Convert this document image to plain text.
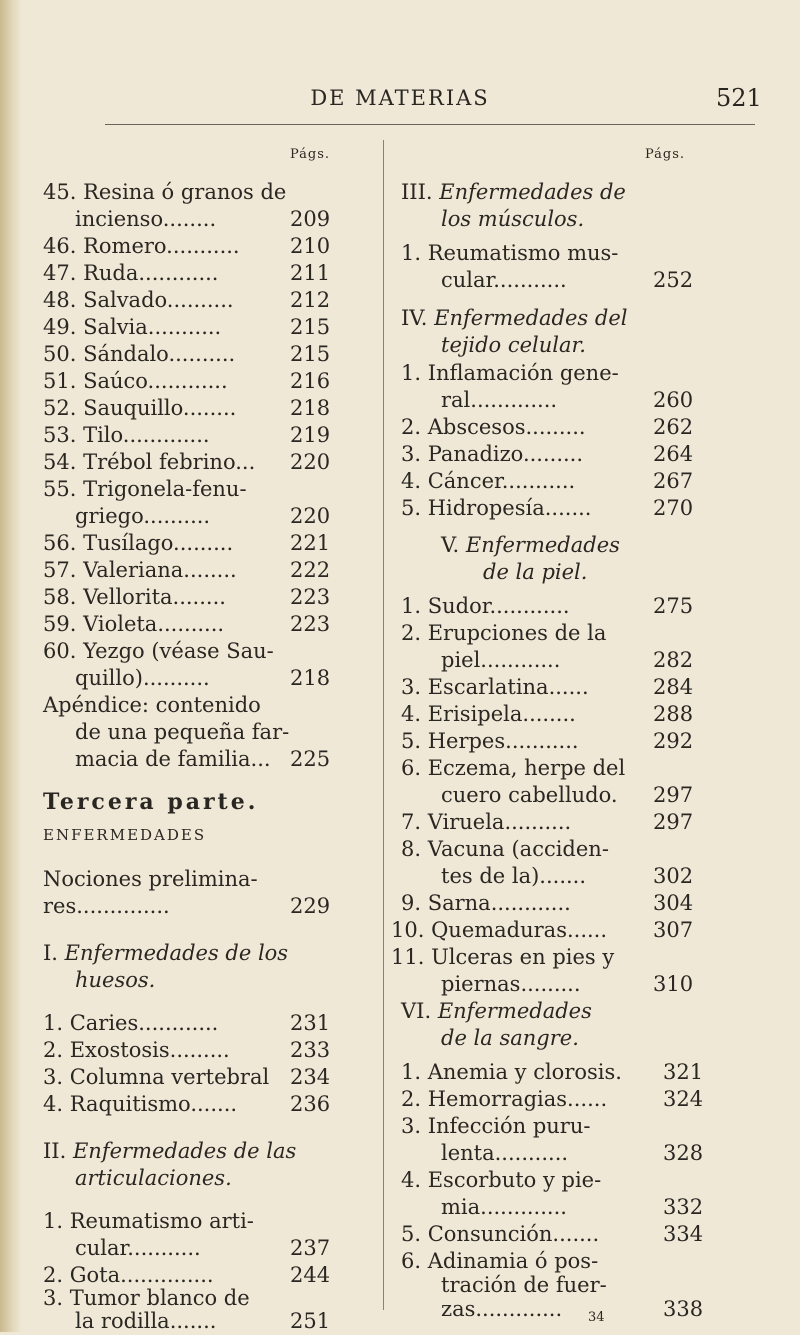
DE MATERIAS	521
Págs.
45. Resina ó granos de
incienso........	209
46. Romero........... 210
47. Ruda............	211
48. Salvado..........	212
49. Salvia...........	215
50. Sándalo..........	215
51. Saúco............	216
52. Sauquillo........	218
53. Tilo.............	219
54. Trébol febrino... 220
55. Trigonela-fenu-
griego..........	220
56. Tusílago.........	221
57. Valeriana........	222
58. Vellorita........	223
59. Violeta..........	223
60. Yezgo (véase Sau-
quillo)..........	218
Apéndice: contenido
de una pequeña far-
macia de familia... 225
Tercera parte.
ENFERMEDADES
Nociones prelimina-
res..............	229
I. Enfermedades de los
huesos.
1. Caries............	231
2. Exostosis.........	233
3. Columna vertebral 234
4. Raquitismo.......	236
II. Enfermedades de las
articulaciones.
1. Reumatismo arti-
cular...........	237
2. Gota..............	244
3. Tumor blanco de
la rodilla.......	251
Págs.
III. Enfermedades de
los músculos.
1. Reumatismo mus-
cular...........	252
IV. Enfermedades del
tejido celular.
1. Inflamación gene-
ral.............	260
2. Abscesos.........	262
3. Panadizo.........	264
4. Cáncer...........	267
5. Hidropesía.......	270
V. Enfermedades
de la piel.
1. Sudor............	275
2. Erupciones de la
piel............	282
3. Escarlatina......	284
4. Erisipela........	288
5. Herpes...........	292
6. Eczema, herpe del
cuero cabelludo. 297
7. Viruela..........	297
8. Vacuna (acciden-
tes de la).......	302
9. Sarna............	304
10. Quemaduras...... 307
11. Ulceras en pies y
piernas.........	310
VI. Enfermedades
de la sangre.
1. Anemia y clorosis. 321
2. Hemorragias......	324
3. Infección puru-
lenta...........	328
4. Escorbuto y pie-
mia.............	332
5. Consunción.......	334
6. Adinamia ó pos-
tración de fuer-
zas.............	338
34
